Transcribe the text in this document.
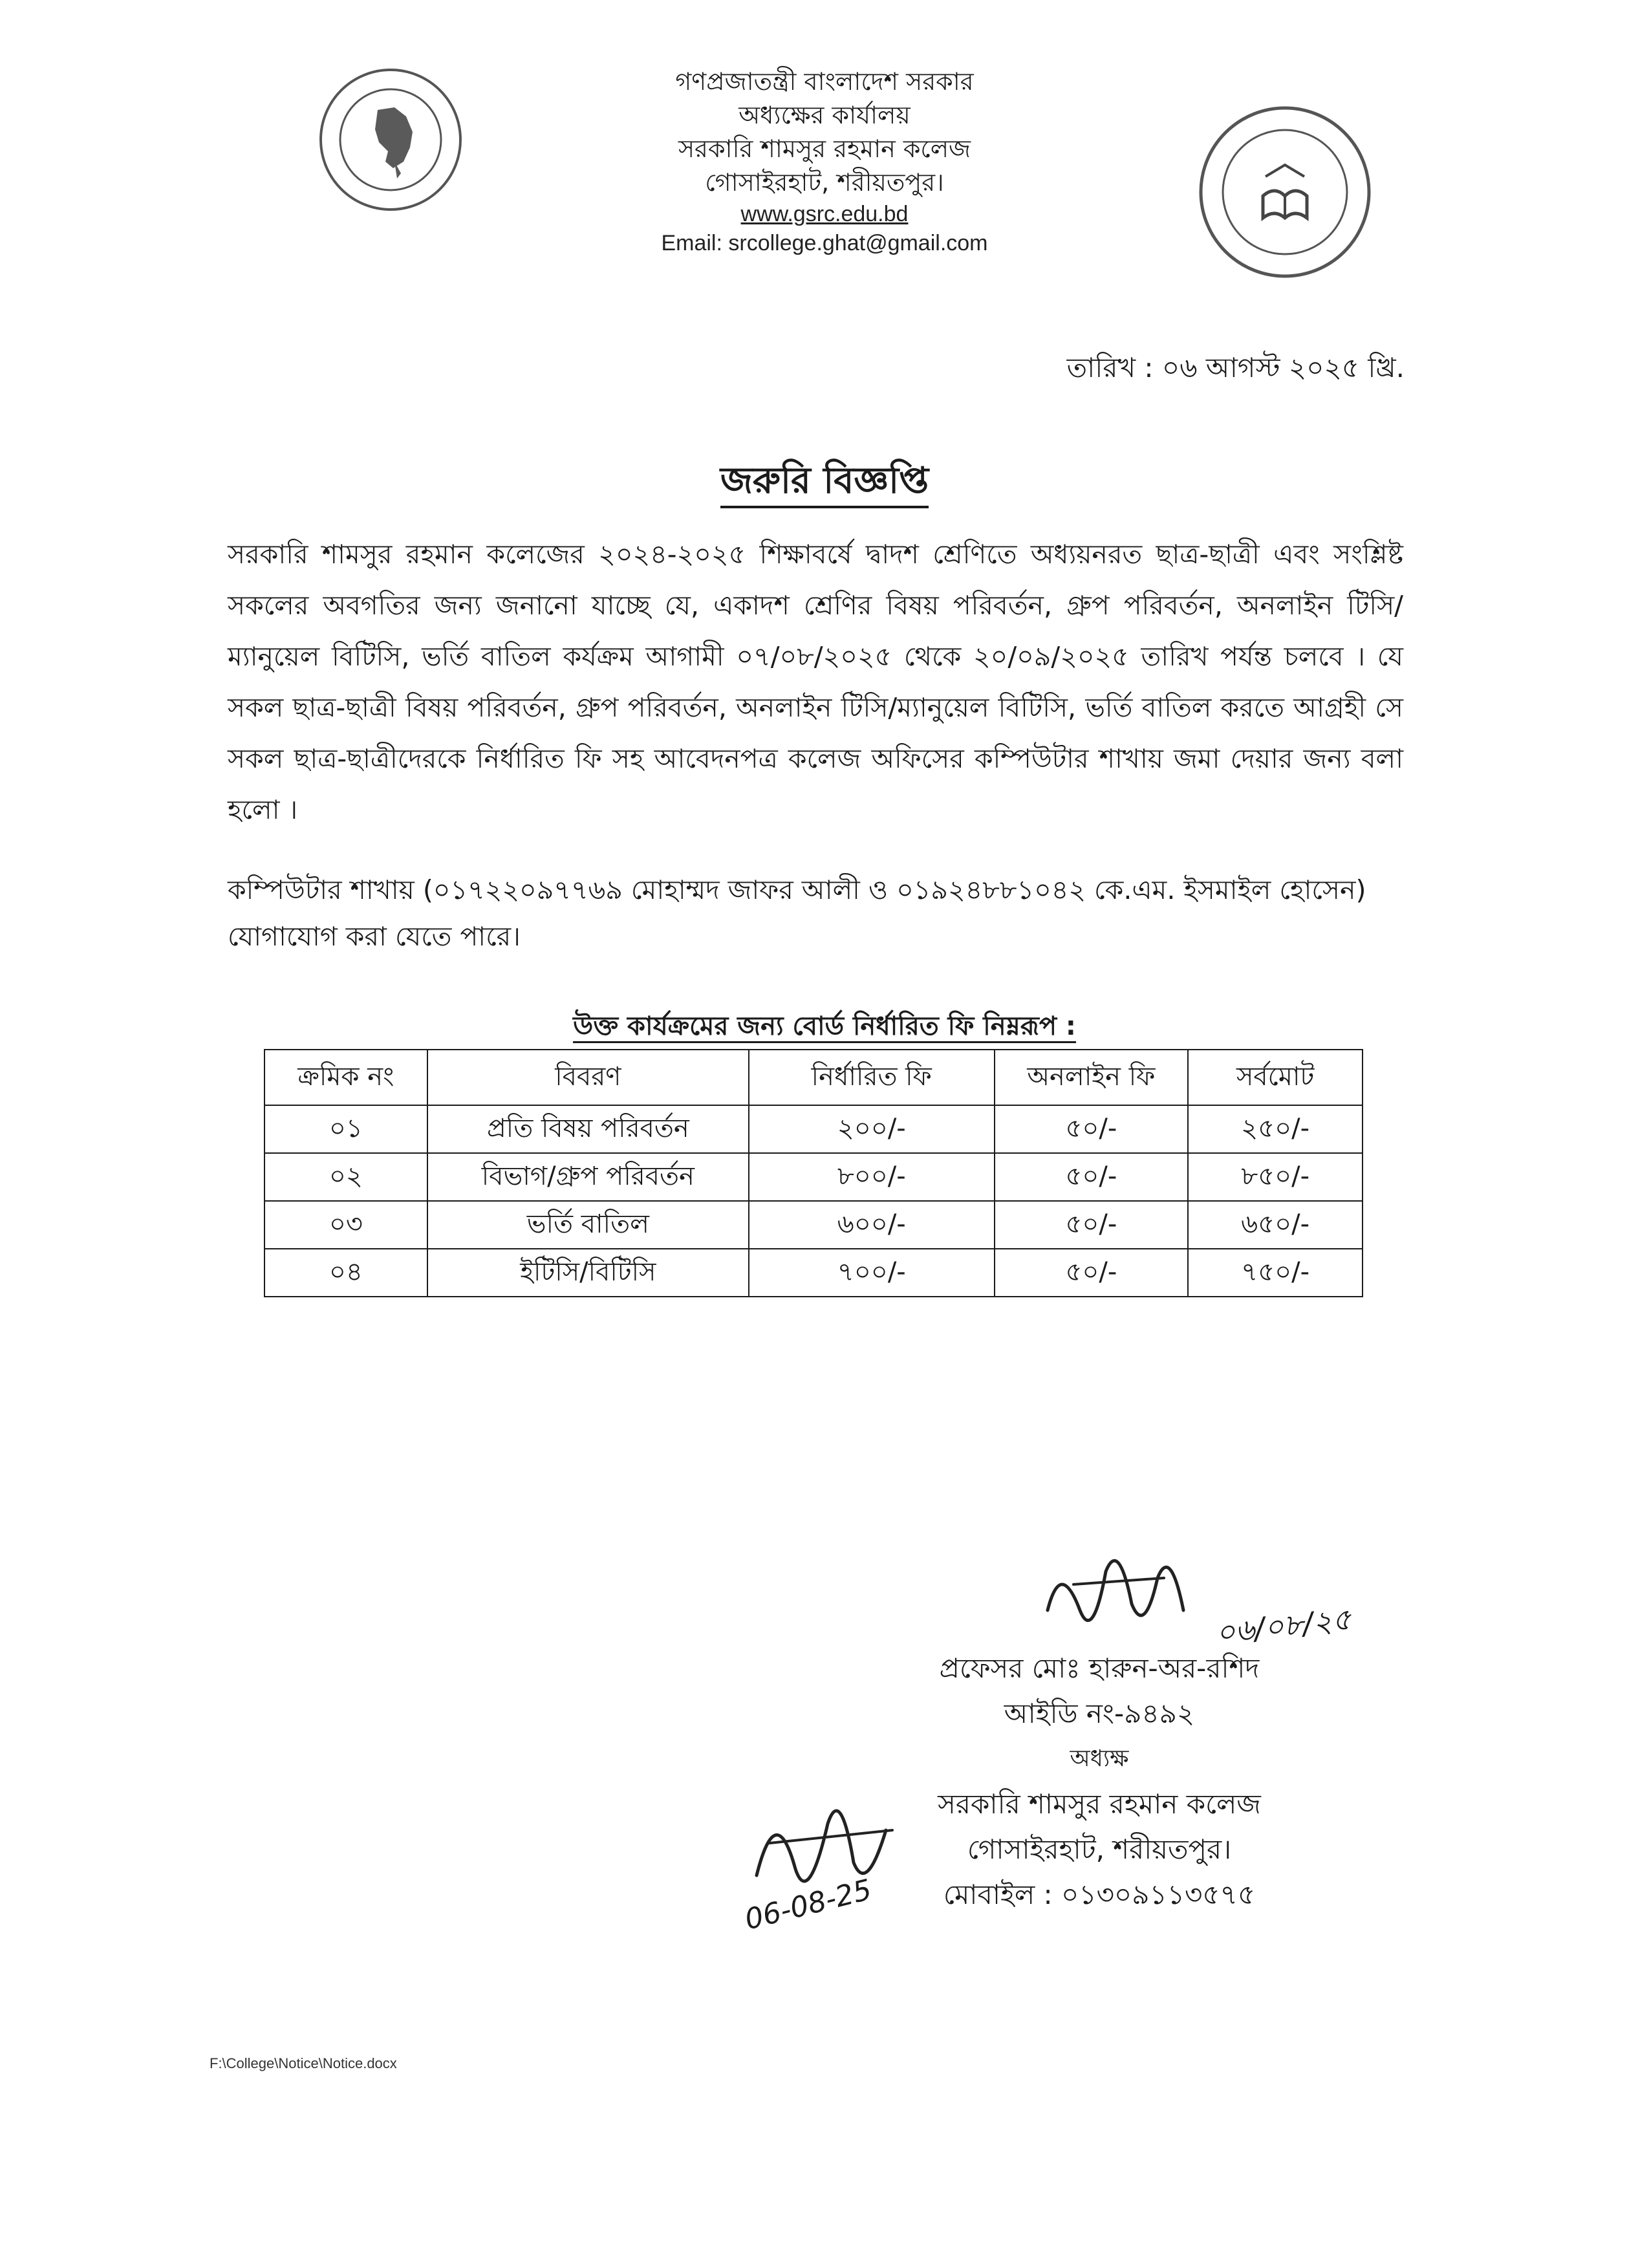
গণপ্রজাতন্ত্রী বাংলাদেশ সরকার
অধ্যক্ষের কার্যালয়
সরকারি শামসুর রহমান কলেজ
গোসাইরহাট, শরীয়তপুর।
www.gsrc.edu.bd
Email: srcollege.ghat@gmail.com
তারিখ : ০৬ আগস্ট ২০২৫ খ্রি.
জরুরি বিজ্ঞপ্তি
সরকারি শামসুর রহমান কলেজের ২০২৪-২০২৫ শিক্ষাবর্ষে দ্বাদশ শ্রেণিতে অধ্যয়নরত ছাত্র-ছাত্রী এবং সংশ্লিষ্ট সকলের অবগতির জন্য জনানো যাচ্ছে যে, একাদশ শ্রেণির বিষয় পরিবর্তন, গ্রুপ পরিবর্তন, অনলাইন টিসি/ম্যানুয়েল বিটিসি, ভর্তি বাতিল কর্যক্রম আগামী ০৭/০৮/২০২৫ থেকে ২০/০৯/২০২৫ তারিখ পর্যন্ত চলবে । যে সকল ছাত্র-ছাত্রী বিষয় পরিবর্তন, গ্রুপ পরিবর্তন, অনলাইন টিসি/ম্যানুয়েল বিটিসি, ভর্তি বাতিল করতে আগ্রহী সে সকল ছাত্র-ছাত্রীদেরকে নির্ধারিত ফি সহ আবেদনপত্র কলেজ অফিসের কম্পিউটার শাখায় জমা দেয়ার জন্য বলা হলো ।
কম্পিউটার শাখায় (০১৭২২০৯৭৭৬৯ মোহাম্মদ জাফর আলী ও ০১৯২৪৮৮১০৪২ কে.এম. ইসমাইল হোসেন) যোগাযোগ করা যেতে পারে।
উক্ত কার্যক্রমের জন্য বোর্ড নির্ধারিত ফি নিম্নরূপ :
ক্রমিক নং	বিবরণ	নির্ধারিত ফি	অনলাইন ফি	সর্বমোট
০১	প্রতি বিষয় পরিবর্তন	২০০/-	৫০/-	২৫০/-
০২	বিভাগ/গ্রুপ পরিবর্তন	৮০০/-	৫০/-	৮৫০/-
০৩	ভর্তি বাতিল	৬০০/-	৫০/-	৬৫০/-
০৪	ইটিসি/বিটিসি	৭০০/-	৫০/-	৭৫০/-
০৬/০৮/২৫
প্রফেসর মোঃ হারুন-অর-রশিদ
আইডি নং-৯৪৯২
অধ্যক্ষ
সরকারি শামসুর রহমান কলেজ
গোসাইরহাট, শরীয়তপুর।
মোবাইল : ০১৩০৯১১৩৫৭৫
06-08-25
F:\College\Notice\Notice.docx
